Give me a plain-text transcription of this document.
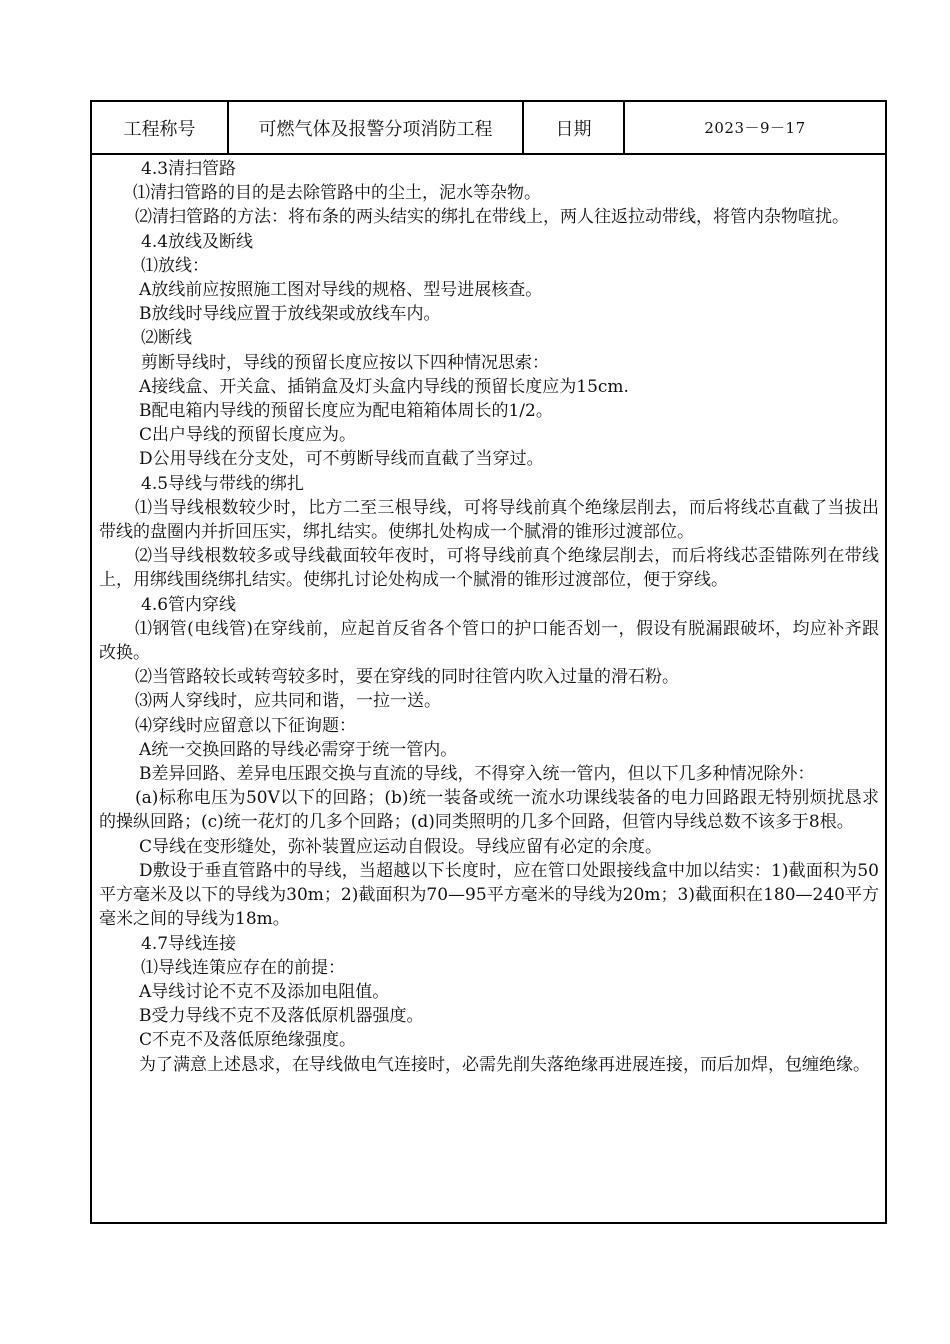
工程称号	可燃气体及报警分项消防工程	日期	2023－9－17

4.3清扫管路

⑴清扫管路的目的是去除管路中的尘土，泥水等杂物。

⑵清扫管路的方法：将布条的两头结实的绑扎在带线上，两人往返拉动带线，将管内杂物喧扰。

4.4放线及断线

⑴放线：

A放线前应按照施工图对导线的规格、型号进展核查。

B放线时导线应置于放线架或放线车内。

⑵断线

剪断导线时，导线的预留长度应按以下四种情况思索：

A接线盒、开关盒、插销盒及灯头盒内导线的预留长度应为15cm.

B配电箱内导线的预留长度应为配电箱箱体周长的1/2。

C出户导线的预留长度应为。

D公用导线在分支处，可不剪断导线而直截了当穿过。

4.5导线与带线的绑扎

⑴当导线根数较少时，比方二至三根导线，可将导线前真个绝缘层削去，而后将线芯直截了当拔出带线的盘圈内并折回压实，绑扎结实。使绑扎处构成一个腻滑的锥形过渡部位。

⑵当导线根数较多或导线截面较年夜时，可将导线前真个绝缘层削去，而后将线芯歪错陈列在带线上，用绑线围绕绑扎结实。使绑扎讨论处构成一个腻滑的锥形过渡部位，便于穿线。

4.6管内穿线

⑴钢管(电线管)在穿线前，应起首反省各个管口的护口能否划一，假设有脱漏跟破坏，均应补齐跟改换。

⑵当管路较长或转弯较多时，要在穿线的同时往管内吹入过量的滑石粉。

⑶两人穿线时，应共同和谐，一拉一送。

⑷穿线时应留意以下征询题：

A统一交换回路的导线必需穿于统一管内。

B差异回路、差异电压跟交换与直流的导线，不得穿入统一管内，但以下几多种情况除外：

(a)标称电压为50V以下的回路；(b)统一装备或统一流水功课线装备的电力回路跟无特别烦扰恳求的操纵回路；(c)统一花灯的几多个回路；(d)同类照明的几多个回路，但管内导线总数不该多于8根。

C导线在变形缝处，弥补装置应运动自假设。导线应留有必定的余度。

D敷设于垂直管路中的导线，当超越以下长度时，应在管口处跟接线盒中加以结实：1)截面积为50平方毫米及以下的导线为30m；2)截面积为70—95平方毫米的导线为20m；3)截面积在180—240平方毫米之间的导线为18m。

4.7导线连接

⑴导线连策应存在的前提：

A导线讨论不克不及添加电阻值。

B受力导线不克不及落低原机器强度。

C不克不及落低原绝缘强度。

为了满意上述恳求，在导线做电气连接时，必需先削失落绝缘再进展连接，而后加焊，包缠绝缘。
